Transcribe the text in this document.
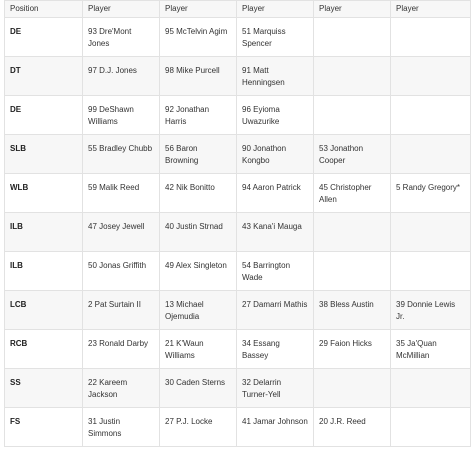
Position	Player	Player	Player	Player	Player
DE	93 Dre'Mont Jones	95 McTelvin Agim	51 Marquiss Spencer		
DT	97 D.J. Jones	98 Mike Purcell	91 Matt Henningsen		
DE	99 DeShawn Williams	92 Jonathan Harris	96 Eyioma Uwazurike		
SLB	55 Bradley Chubb	56 Baron Browning	90 Jonathon Kongbo	53 Jonathon Cooper	
WLB	59 Malik Reed	42 Nik Bonitto	94 Aaron Patrick	45 Christopher Allen	5 Randy Gregory*
ILB	47 Josey Jewell	40 Justin Strnad	43 Kana'i Mauga		
ILB	50 Jonas Griffith	49 Alex Singleton	54 Barrington Wade		
LCB	2 Pat Surtain II	13 Michael Ojemudia	27 Damarri Mathis	38 Bless Austin	39 Donnie Lewis Jr.
RCB	23 Ronald Darby	21 K'Waun Williams	34 Essang Bassey	29 Faion Hicks	35 Ja'Quan McMillian
SS	22 Kareem Jackson	30 Caden Sterns	32 Delarrin Turner-Yell		
FS	31 Justin Simmons	27 P.J. Locke	41 Jamar Johnson	20 J.R. Reed	
